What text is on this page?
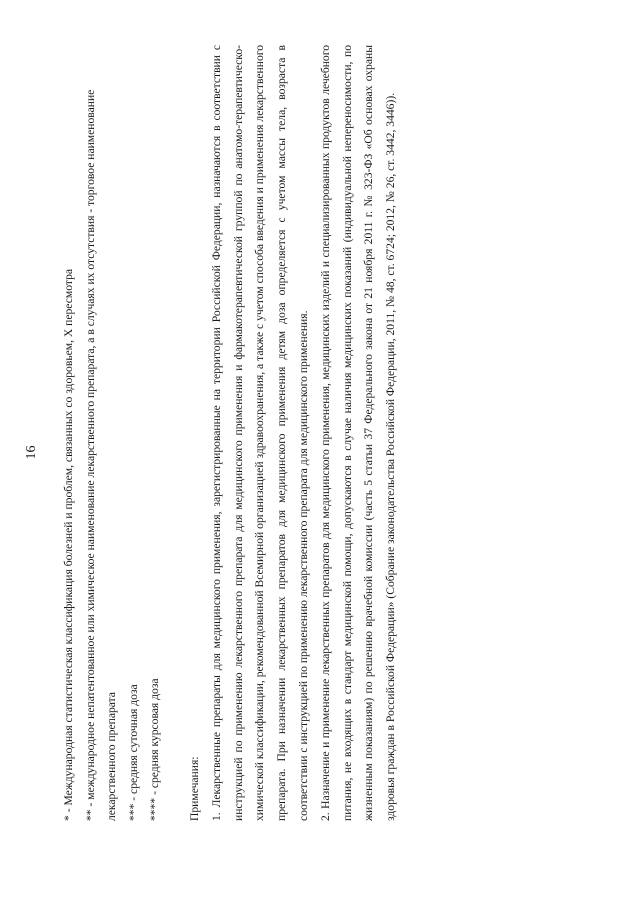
16	* - Международная статистическая классификация болезней и проблем, связанных со здоровьем, X пересмотра ** - международное непатентованное или химическое наименование лекарственного препарата, а в случаях их отсутствия - торговое наименование лекарственного препарата *** - средняя суточная доза **** - средняя курсовая доза	Примечания: 1. Лекарственные препараты для медицинского применения, зарегистрированные на территории Российской Федерации, назначаются в соответствии с инструкцией по применению лекарственного препарата для медицинского применения и фармакотерапевтической группой по анатомо-терапевтическо-химической классификации, рекомендованной Всемирной организацией здравоохранения, а также с учетом способа введения и применения лекарственного препарата. При назначении лекарственных препаратов для медицинского применения детям доза определяется с учетом массы тела, возраста в соответствии с инструкцией по применению лекарственного препарата для медицинского применения. 2. Назначение и применение лекарственных препаратов для медицинского применения, медицинских изделий и специализированных продуктов лечебного питания, не входящих в стандарт медицинской помощи, допускаются в случае наличия медицинских показаний (индивидуальной непереносимости, по жизненным показаниям) по решению врачебной комиссии (часть 5 статьи 37 Федерального закона от 21 ноября 2011 г. № 323-ФЗ «Об основах охраны здоровья граждан в Российской Федерации» (Собрание законодательства Российской Федерации, 2011, № 48, ст. 6724; 2012, № 26, ст. 3442, 3446)).
